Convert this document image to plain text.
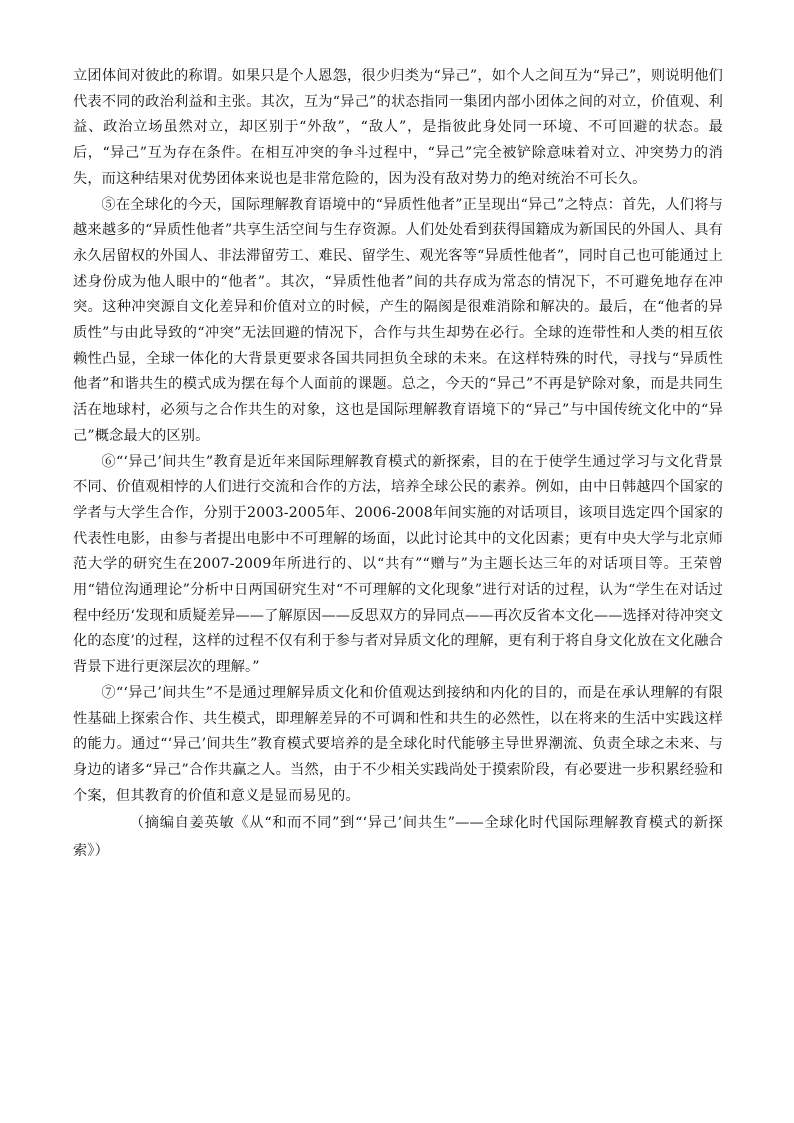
立团体间对彼此的称谓。如果只是个人恩怨，很少归类为“异己”，如个人之间互为“异己”，则说明他们代表不同的政治利益和主张。其次，互为“异己”的状态指同一集团内部小团体之间的对立，价值观、利益、政治立场虽然对立，却区别于“外敌”，“敌人”，是指彼此身处同一环境、不可回避的状态。最后，“异己”互为存在条件。在相互冲突的争斗过程中，“异己”完全被铲除意味着对立、冲突势力的消失，而这种结果对优势团体来说也是非常危险的，因为没有敌对势力的绝对统治不可长久。

⑤在全球化的今天，国际理解教育语境中的“异质性他者”正呈现出“异己”之特点：首先，人们将与越来越多的“异质性他者”共享生活空间与生存资源。人们处处看到获得国籍成为新国民的外国人、具有永久居留权的外国人、非法滞留劳工、难民、留学生、观光客等“异质性他者”，同时自己也可能通过上述身份成为他人眼中的“他者”。其次，“异质性他者”间的共存成为常态的情况下，不可避免地存在冲突。这种冲突源自文化差异和价值对立的时候，产生的隔阂是很难消除和解决的。最后，在“他者的异质性”与由此导致的“冲突”无法回避的情况下，合作与共生却势在必行。全球的连带性和人类的相互依赖性凸显，全球一体化的大背景更要求各国共同担负全球的未来。在这样特殊的时代，寻找与“异质性他者”和谐共生的模式成为摆在每个人面前的课题。总之，今天的“异己”不再是铲除对象，而是共同生活在地球村，必须与之合作共生的对象，这也是国际理解教育语境下的“异己”与中国传统文化中的“异己”概念最大的区别。

⑥“‘异己’间共生”教育是近年来国际理解教育模式的新探索，目的在于使学生通过学习与文化背景不同、价值观相悖的人们进行交流和合作的方法，培养全球公民的素养。例如，由中日韩越四个国家的学者与大学生合作，分别于2003-2005年、2006-2008年间实施的对话项目，该项目选定四个国家的代表性电影，由参与者提出电影中不可理解的场面，以此讨论其中的文化因素；更有中央大学与北京师范大学的研究生在2007-2009年所进行的、以“共有”“赠与”为主题长达三年的对话项目等。王荣曾用“错位沟通理论”分析中日两国研究生对“不可理解的文化现象”进行对话的过程，认为“学生在对话过程中经历‘发现和质疑差异——了解原因——反思双方的异同点——再次反省本文化——选择对待冲突文化的态度’的过程，这样的过程不仅有利于参与者对异质文化的理解，更有利于将自身文化放在文化融合背景下进行更深层次的理解。”

⑦“‘异己’间共生”不是通过理解异质文化和价值观达到接纳和内化的目的，而是在承认理解的有限性基础上探索合作、共生模式，即理解差异的不可调和性和共生的必然性，以在将来的生活中实践这样的能力。通过“‘异己’间共生”教育模式要培养的是全球化时代能够主导世界潮流、负责全球之未来、与身边的诸多“异己”合作共赢之人。当然，由于不少相关实践尚处于摸索阶段，有必要进一步积累经验和个案，但其教育的价值和意义是显而易见的。

（摘编自姜英敏《从“和而不同”到“‘异己’间共生”——全球化时代国际理解教育模式的新探索》）
